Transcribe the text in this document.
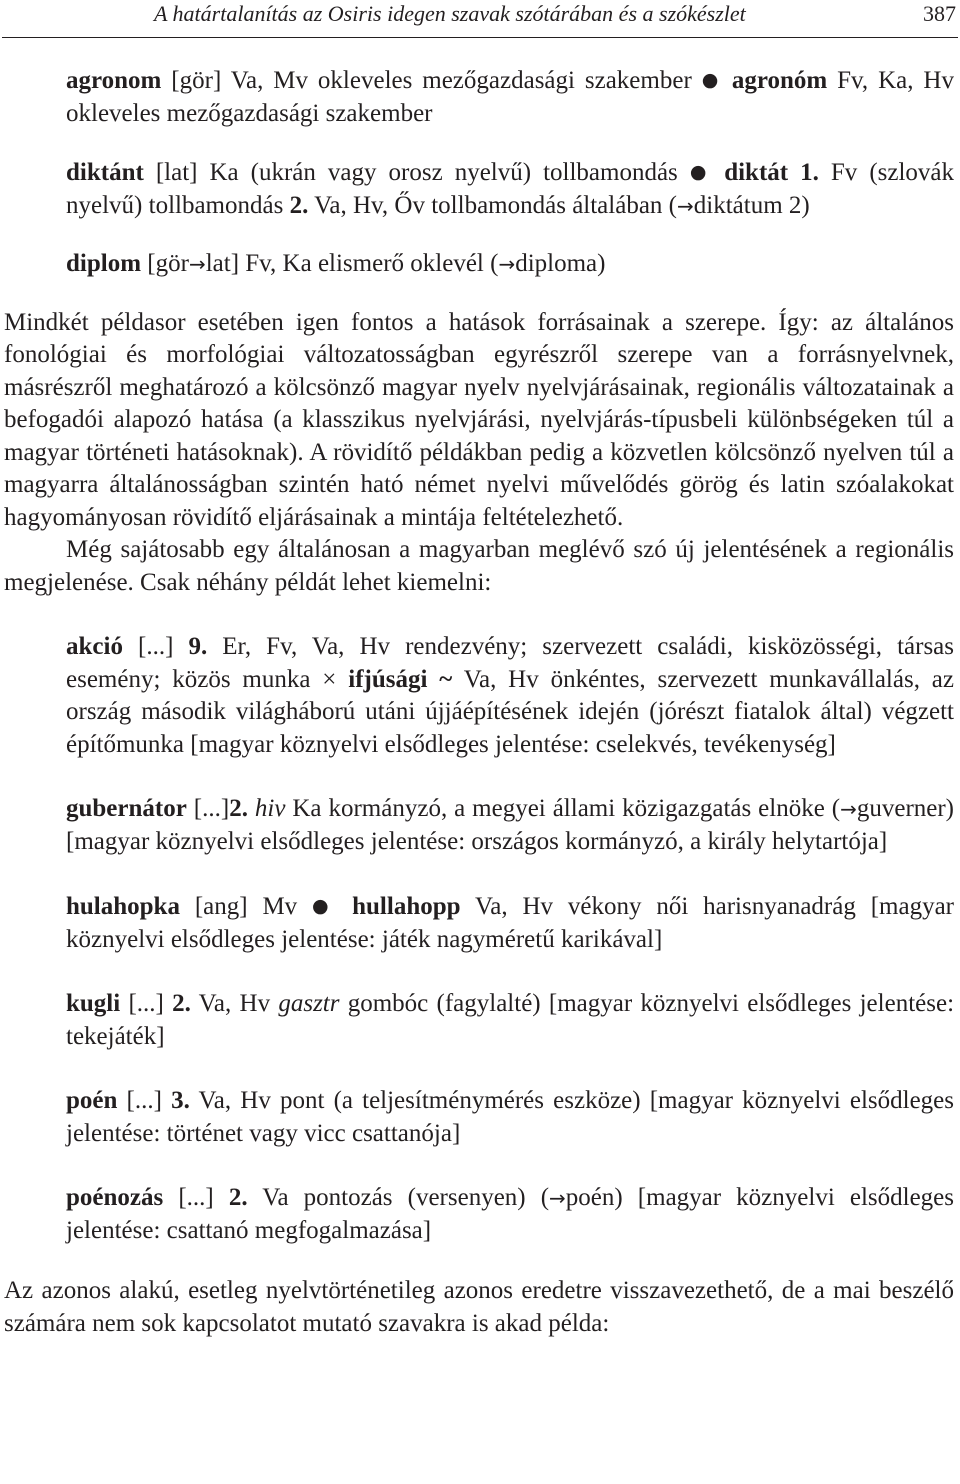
A határtalanítás az Osiris idegen szavak szótárában és a szókészlet	387
agronom [gör] Va, Mv okleveles mezőgazdasági szakember ● agronóm Fv, Ka, Hv okleveles mezőgazdasági szakember
diktánt [lat] Ka (ukrán vagy orosz nyelvű) tollbamondás ● diktát 1. Fv (szlovák nyelvű) tollbamondás 2. Va, Hv, Őv tollbamondás általában (→diktátum 2)
diplom [gör→lat] Fv, Ka elismerő oklevél (→diploma)

Mindkét példasor esetében igen fontos a hatások forrásainak a szerepe. Így: az általános fonológiai és morfológiai változatosságban egyrészről szerepe van a forrásnyelvnek, másrészről meghatározó a kölcsönző magyar nyelv nyelvjárásainak, regionális változatainak a befogadói alapozó hatása (a klasszikus nyelvjárási, nyelvjárás-típusbeli különbségeken túl a magyar történeti hatásoknak). A rövidítő példákban pedig a közvetlen kölcsönző nyelven túl a magyarra általánosságban szintén ható német nyelvi művelődés görög és latin szóalakokat hagyományosan rövidítő eljárásainak a mintája feltételezhető.

Még sajátosabb egy általánosan a magyarban meglévő szó új jelentésének a regionális megjelenése. Csak néhány példát lehet kiemelni:

akció [...] 9. Er, Fv, Va, Hv rendezvény; szervezett családi, kisközösségi, társas esemény; közös munka × ifjúsági ~ Va, Hv önkéntes, szervezett munkavállalás, az ország második világháború utáni újjáépítésének idején (jórészt fiatalok által) végzett építőmunka [magyar köznyelvi elsődleges jelentése: cselekvés, tevékenység]
gubernátor [...]2. hiv Ka kormányzó, a megyei állami közigazgatás elnöke (→guverner) [magyar köznyelvi elsődleges jelentése: országos kormányzó, a király helytartója]
hulahopka [ang] Mv ● hullahopp Va, Hv vékony női harisnyanadrág [magyar köznyelvi elsődleges jelentése: játék nagyméretű karikával]
kugli [...] 2. Va, Hv gasztr gombóc (fagylalté) [magyar köznyelvi elsődleges jelentése: tekejáték]
poén [...] 3. Va, Hv pont (a teljesítménymérés eszköze) [magyar köznyelvi elsődleges jelentése: történet vagy vicc csattanója]
poénozás [...] 2. Va pontozás (versenyen) (→poén) [magyar köznyelvi elsődleges jelentése: csattanó megfogalmazása]

Az azonos alakú, esetleg nyelvtörténetileg azonos eredetre visszavezethető, de a mai beszélő számára nem sok kapcsolatot mutató szavakra is akad példa:
